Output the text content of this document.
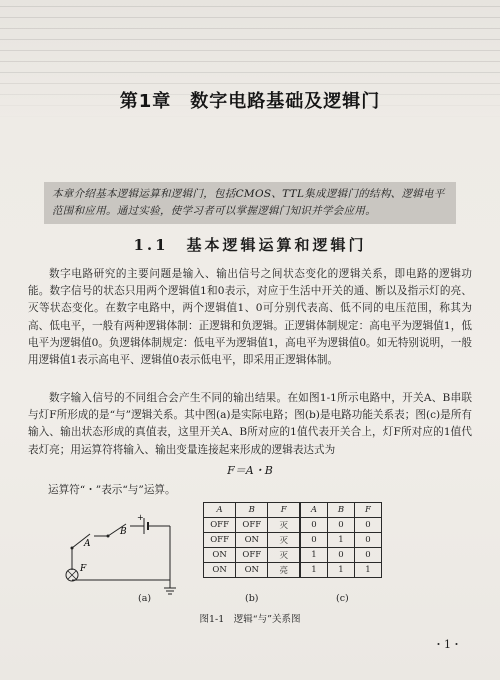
第1章　数字电路基础及逻辑门
本章介绍基本逻辑运算和逻辑门，包括CMOS、TTL集成逻辑门的结构、逻辑电平范围和应用。通过实验，使学习者可以掌握逻辑门知识并学会应用。
1.1　基本逻辑运算和逻辑门
数字电路研究的主要问题是输入、输出信号之间状态变化的逻辑关系，即电路的逻辑功能。数字信号的状态只用两个逻辑值1和0表示，对应于生活中开关的通、断以及指示灯的亮、灭等状态变化。在数字电路中，两个逻辑值1、0可分别代表高、低不同的电压范围，称其为高、低电平，一般有两种逻辑体制：正逻辑和负逻辑。正逻辑体制规定：高电平为逻辑值1，低电平为逻辑值0。负逻辑体制规定：低电平为逻辑值1，高电平为逻辑值0。如无特别说明，一般用逻辑值1表示高电平、逻辑值0表示低电平，即采用正逻辑体制。
数字输入信号的不同组合会产生不同的输出结果。在如图1-1所示电路中，开关A、B串联与灯F所形成的是“与”逻辑关系。其中图(a)是实际电路；图(b)是电路功能关系表；图(c)是所有输入、输出状态形成的真值表，这里开关A、B所对应的1值代表开关合上，灯F所对应的1值代表灯亮；用运算符将输入、输出变量连接起来形成的逻辑表达式为
F＝A・B
运算符“・”表示“与”运算。
A
B
F
+
A	B	F
OFF	OFF	灭
OFF	ON	灭
ON	OFF	灭
ON	ON	亮
A	B	F
0	0	0
0	1	0
1	0	0
1	1	1
(a)	(b)	(c)
图1-1　逻辑“与”关系图
・1・
